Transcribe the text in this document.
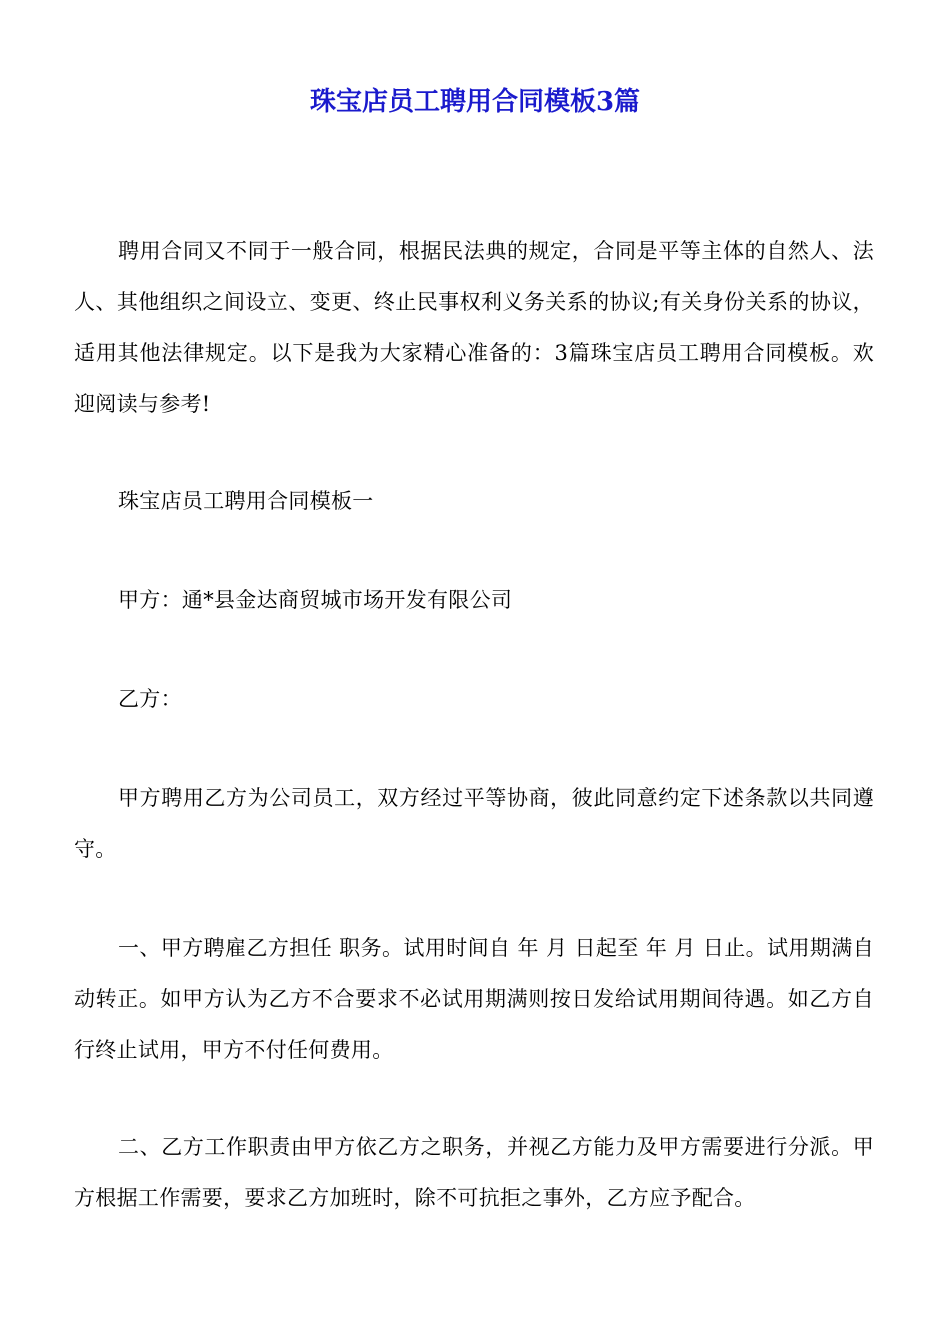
珠宝店员工聘用合同模板3篇

聘用合同又不同于一般合同，根据民法典的规定，合同是平等主体的自然人、法人、其他组织之间设立、变更、终止民事权利义务关系的协议;有关身份关系的协议，适用其他法律规定。以下是我为大家精心准备的：3篇珠宝店员工聘用合同模板。欢迎阅读与参考!

珠宝店员工聘用合同模板一

甲方：通*县金达商贸城市场开发有限公司

乙方：

甲方聘用乙方为公司员工，双方经过平等协商，彼此同意约定下述条款以共同遵守。

一、甲方聘雇乙方担任 职务。试用时间自 年 月 日起至 年 月 日止。试用期满自动转正。如甲方认为乙方不合要求不必试用期满则按日发给试用期间待遇。如乙方自行终止试用，甲方不付任何费用。

二、乙方工作职责由甲方依乙方之职务，并视乙方能力及甲方需要进行分派。甲方根据工作需要，要求乙方加班时，除不可抗拒之事外，乙方应予配合。
